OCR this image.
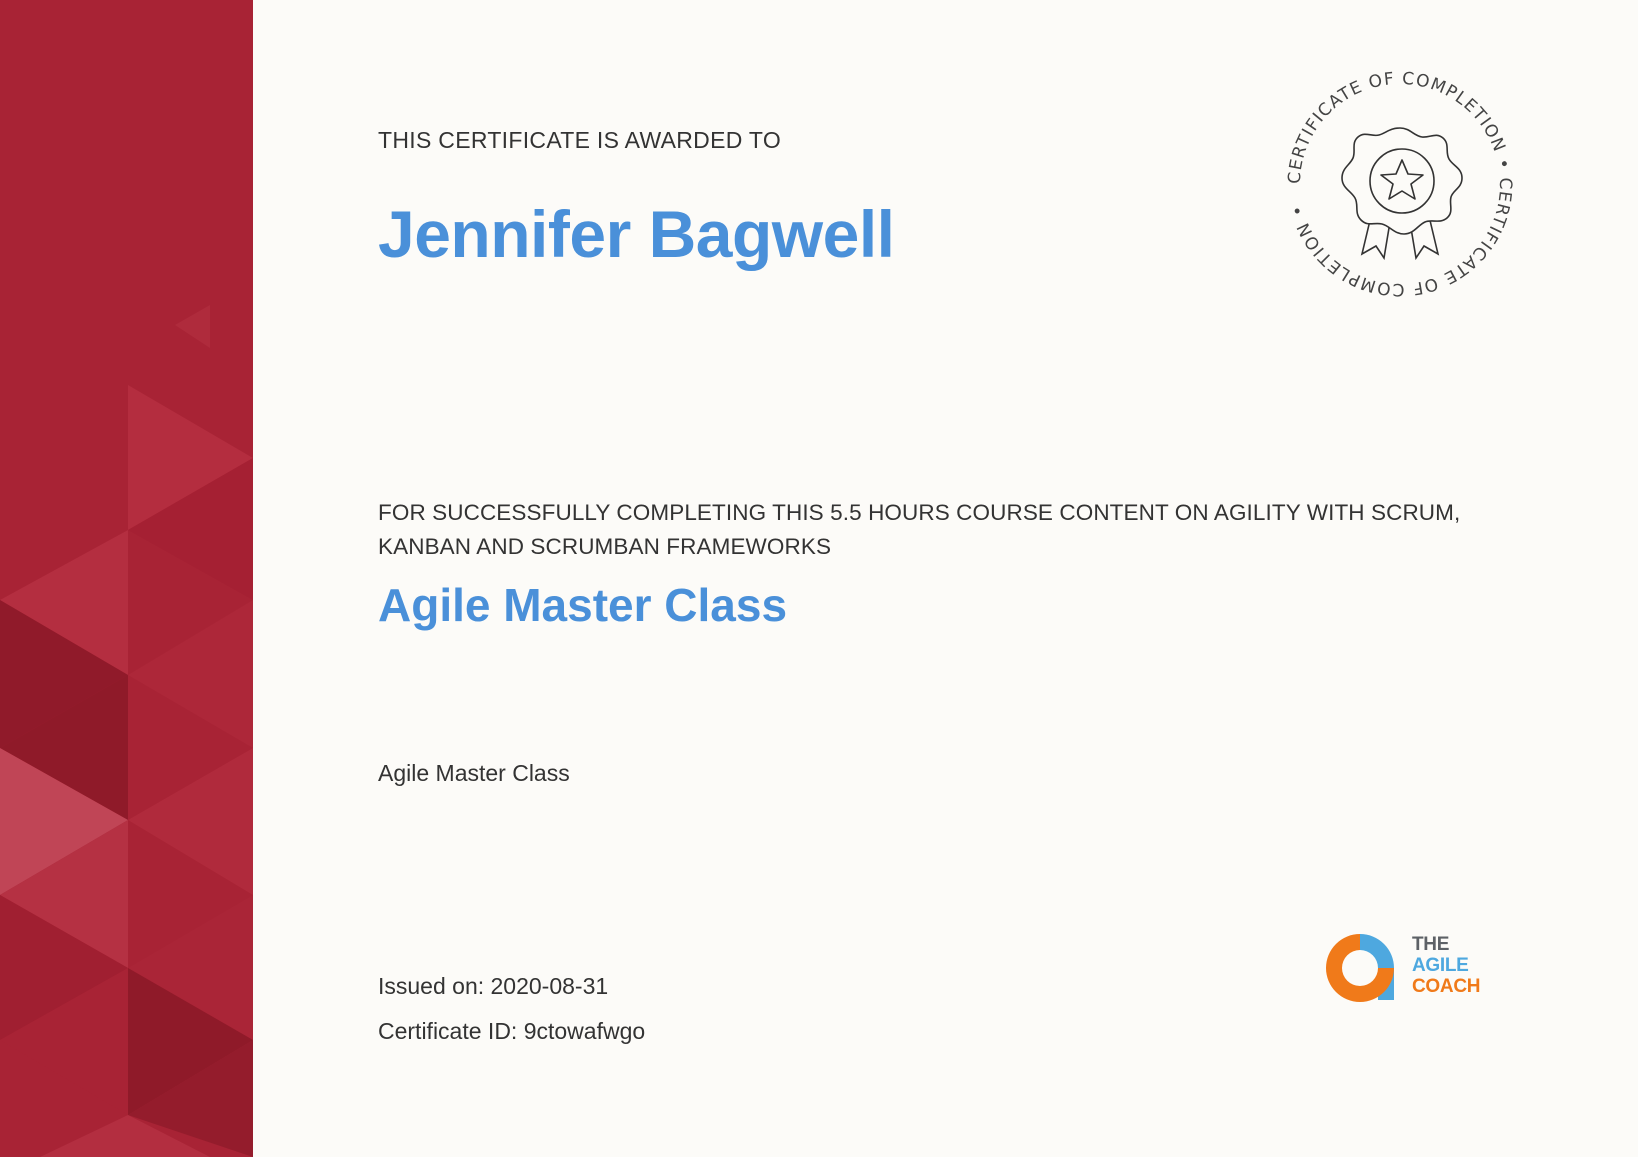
THIS CERTIFICATE IS AWARDED TO
Jennifer Bagwell
FOR SUCCESSFULLY COMPLETING THIS 5.5 HOURS COURSE CONTENT ON AGILITY WITH SCRUM, KANBAN AND SCRUMBAN FRAMEWORKS
Agile Master Class
Agile Master Class
Issued on: 2020-08-31
Certificate ID: 9ctowafwgo
CERTIFICATE OF COMPLETION • CERTIFICATE OF COMPLETION •
THE
AGILE
COACH
